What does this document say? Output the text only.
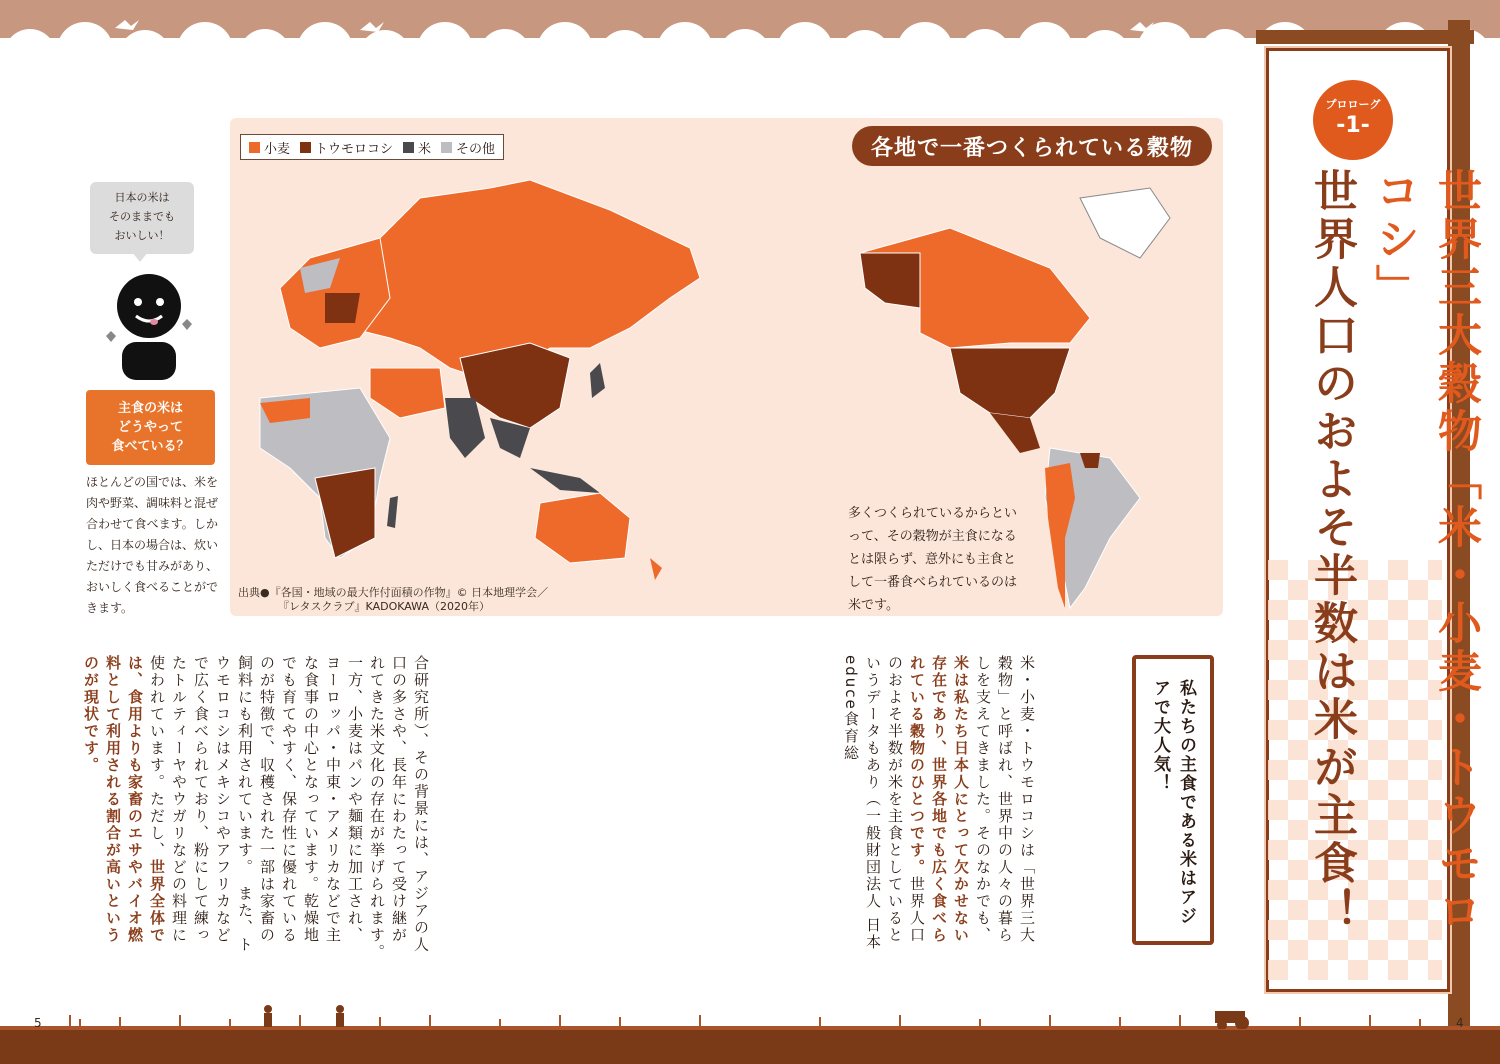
小麦 トウモロコシ 米 その他	各地で一番つくられている穀物
多くつくられているからといって、その穀物が主食になるとは限らず、意外にも主食として一番食べられているのは米です。
出典●『各国・地域の最大作付面積の作物』© 日本地理学会／
『レタスクラブ』KADOKAWA（2020年）
日本の米は
そのままでも
おいしい！
主食の米は
どうやって
食べている？
ほとんどの国では、米を肉や野菜、調味料と混ぜ合わせて食べます。しかし、日本の場合は、炊いただけでも甘みがあり、おいしく食べることができます。
合研究所）、その背景には、アジアの人口の多さや、長年にわたって受け継がれてきた米文化の存在が挙げられます。　一方、小麦はパンや麺類に加工され、ヨーロッパ・中東・アメリカなどで主な食事の中心となっています。乾燥地でも育てやすく、保存性に優れているのが特徴で、収穫された一部は家畜の飼料にも利用されています。　また、トウモロコシはメキシコやアフリカなどで広く食べられており、粉にして練ったトルティーヤやウガリなどの料理に使われています。ただし、世界全体では、食用よりも家畜のエサやバイオ燃料として利用される割合が高いというのが現状です。	米・小麦・トウモロコシは「世界三大穀物」と呼ばれ、世界中の人々の暮らしを支えてきました。そのなかでも、米は私たち日本人にとって欠かせない存在であり、世界各地でも広く食べられている穀物のひとつです。世界人口のおよそ半数が米を主食としているというデータもあり（一般財団法人 日本educe食育総	私たちの主食である米はアジアで大人気！
プロローグ
-1-
世界三大穀物「米・小麦・トウモロコシ」
世界人口のおよそ半数は米が主食！
5	4
